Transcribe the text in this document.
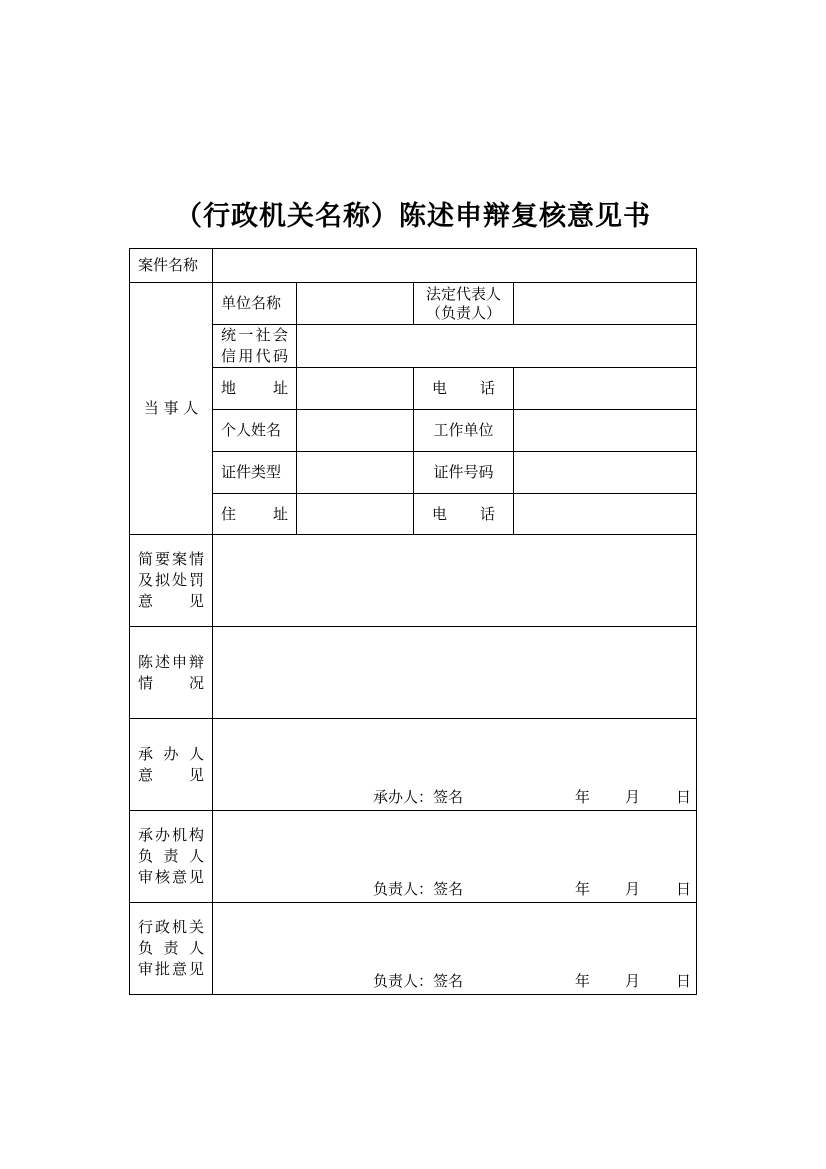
（行政机关名称）陈述申辩复核意见书
案件名称				
当 事 人	单位名称		法定代表人
（负责人）	

	统一社会
信用代码			

	地址		电话	
	个人姓名		工作单位	
	证件类型		证件号码	
	住址		电话	

简要案情
及拟处罚
意见				

陈述申辩
情况				

承办人
意见	承办人：签名 年 月 日			

承办机构
负责人
审核意见	负责人：签名 年 月 日			

行政机关
负责人
审批意见	负责人：签名 年 月 日			
